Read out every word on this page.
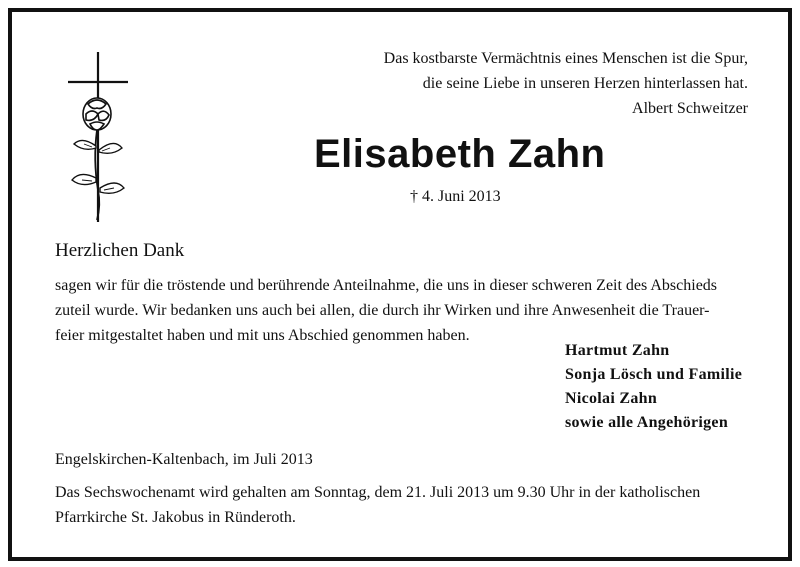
Das kostbarste Vermächtnis eines Menschen ist die Spur,
die seine Liebe in unseren Herzen hinterlassen hat.
Albert Schweitzer
Elisabeth Zahn
† 4. Juni 2013
Herzlichen Dank
sagen wir für die tröstende und berührende Anteilnahme, die uns in dieser schweren Zeit des Abschieds
zuteil wurde. Wir bedanken uns auch bei allen, die durch ihr Wirken und ihre Anwesenheit die Trauer-
feier mitgestaltet haben und mit uns Abschied genommen haben.
Hartmut Zahn
Sonja Lösch und Familie
Nicolai Zahn
sowie alle Angehörigen
Engelskirchen-Kaltenbach, im Juli 2013
Das Sechswochenamt wird gehalten am Sonntag, dem 21. Juli 2013 um 9.30 Uhr in der katholischen
Pfarrkirche St. Jakobus in Ründeroth.
